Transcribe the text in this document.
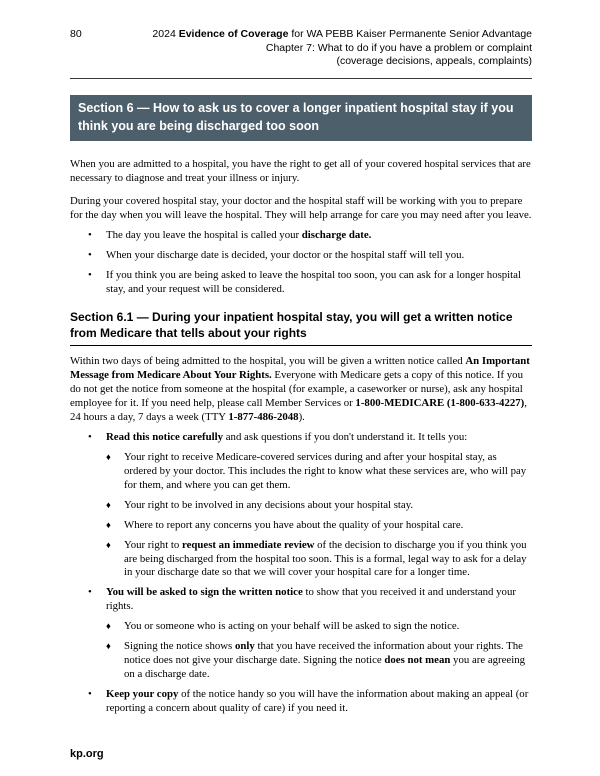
80	2024 Evidence of Coverage for WA PEBB Kaiser Permanente Senior Advantage
Chapter 7: What to do if you have a problem or complaint
(coverage decisions, appeals, complaints)
Section 6 — How to ask us to cover a longer inpatient hospital stay if you think you are being discharged too soon
When you are admitted to a hospital, you have the right to get all of your covered hospital services that are necessary to diagnose and treat your illness or injury.
During your covered hospital stay, your doctor and the hospital staff will be working with you to prepare for the day when you will leave the hospital. They will help arrange for care you may need after you leave.
•	The day you leave the hospital is called your discharge date.
•	When your discharge date is decided, your doctor or the hospital staff will tell you.
•	If you think you are being asked to leave the hospital too soon, you can ask for a longer hospital stay, and your request will be considered.
Section 6.1 — During your inpatient hospital stay, you will get a written notice from Medicare that tells about your rights
Within two days of being admitted to the hospital, you will be given a written notice called An Important Message from Medicare About Your Rights. Everyone with Medicare gets a copy of this notice. If you do not get the notice from someone at the hospital (for example, a caseworker or nurse), ask any hospital employee for it. If you need help, please call Member Services or 1-800-MEDICARE (1-800-633-4227), 24 hours a day, 7 days a week (TTY 1-877-486-2048).
•	Read this notice carefully and ask questions if you don't understand it. It tells you:
♦	Your right to receive Medicare-covered services during and after your hospital stay, as ordered by your doctor. This includes the right to know what these services are, who will pay for them, and where you can get them.
♦	Your right to be involved in any decisions about your hospital stay.
♦	Where to report any concerns you have about the quality of your hospital care.
♦	Your right to request an immediate review of the decision to discharge you if you think you are being discharged from the hospital too soon. This is a formal, legal way to ask for a delay in your discharge date so that we will cover your hospital care for a longer time.
•	You will be asked to sign the written notice to show that you received it and understand your rights.
♦	You or someone who is acting on your behalf will be asked to sign the notice.
♦	Signing the notice shows only that you have received the information about your rights. The notice does not give your discharge date. Signing the notice does not mean you are agreeing on a discharge date.
•	Keep your copy of the notice handy so you will have the information about making an appeal (or reporting a concern about quality of care) if you need it.
kp.org
